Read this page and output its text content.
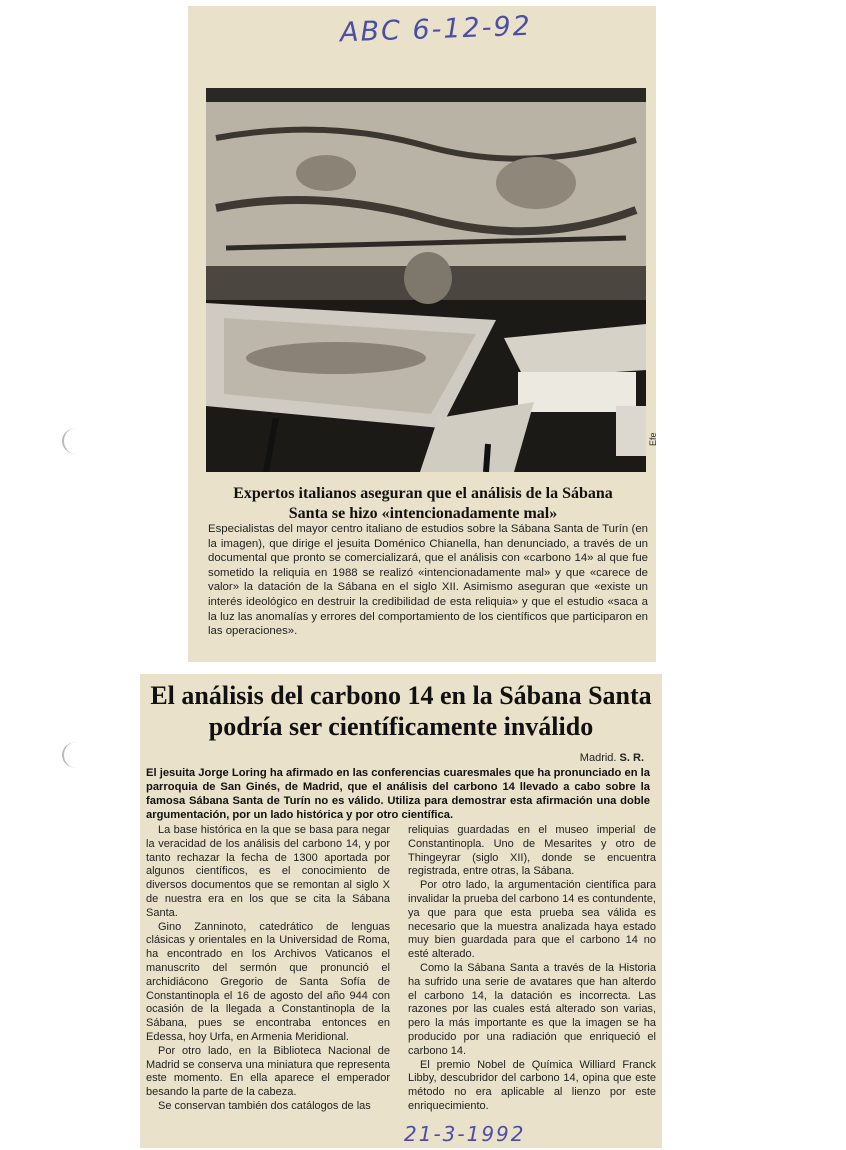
ABC 6-12-92
Efe
Expertos italianos aseguran que el análisis de la Sábana Santa se hizo «intencionadamente mal»
Especialistas del mayor centro italiano de estudios sobre la Sábana Santa de Turín (en la imagen), que dirige el jesuita Doménico Chianella, han denunciado, a través de un documental que pronto se comercializará, que el análisis con «carbono 14» al que fue sometido la reliquia en 1988 se realizó «intencionadamente mal» y que «carece de valor» la datación de la Sábana en el siglo XII. Asimismo aseguran que «existe un interés ideológico en destruir la credibilidad de esta reliquia» y que el estudio «saca a la luz las anomalías y errores del comportamiento de los científicos que participaron en las operaciones».
El análisis del carbono 14 en la Sábana Santa podría ser científicamente inválido
Madrid. S. R.
El jesuita Jorge Loring ha afirmado en las conferencias cuaresmales que ha pronunciado en la parroquia de San Ginés, de Madrid, que el análisis del carbono 14 llevado a cabo sobre la famosa Sábana Santa de Turín no es válido. Utiliza para demostrar esta afirmación una doble argumentación, por un lado histórica y por otro científica.

La base histórica en la que se basa para negar la veracidad de los análisis del carbono 14, y por tanto rechazar la fecha de 1300 aportada por algunos científicos, es el conocimiento de diversos documentos que se remontan al siglo X de nuestra era en los que se cita la Sábana Santa.

Gino Zanninoto, catedrático de lenguas clásicas y orientales en la Universidad de Roma, ha encontrado en los Archivos Vaticanos el manuscrito del sermón que pronunció el archidiácono Gregorio de Santa Sofía de Constantinopla el 16 de agosto del año 944 con ocasión de la llegada a Constantinopla de la Sábana, pues se encontraba entonces en Edessa, hoy Urfa, en Armenia Meridional.

Por otro lado, en la Biblioteca Nacional de Madrid se conserva una miniatura que representa este momento. En ella aparece el emperador besando la parte de la cabeza.

Se conservan también dos catálogos de las

reliquias guardadas en el museo imperial de Constantinopla. Uno de Mesarites y otro de Thingeyrar (siglo XII), donde se encuentra registrada, entre otras, la Sábana.

Por otro lado, la argumentación científica para invalidar la prueba del carbono 14 es contundente, ya que para que esta prueba sea válida es necesario que la muestra analizada haya estado muy bien guardada para que el carbono 14 no esté alterado.

Como la Sábana Santa a través de la Historia ha sufrido una serie de avatares que han alterdo el carbono 14, la datación es incorrecta. Las razones por las cuales está alterado son varias, pero la más importante es que la imagen se ha producido por una radiación que enriqueció el carbono 14.

El premio Nobel de Química Williard Franck Libby, descubridor del carbono 14, opina que este método no era aplicable al lienzo por este enriquecimiento.

21-3-1992
